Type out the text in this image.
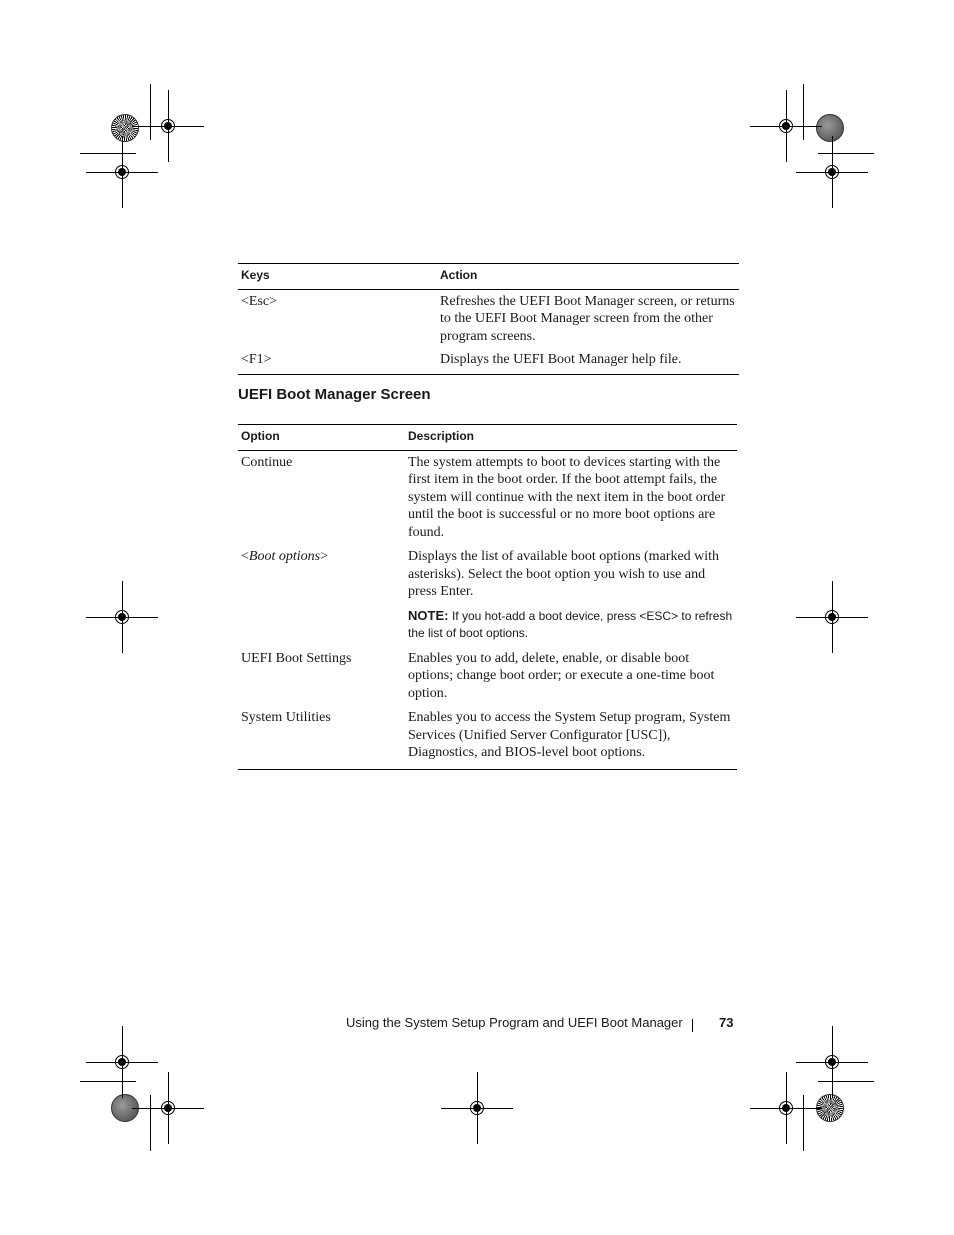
Keys	Action
<Esc>	Refreshes the UEFI Boot Manager screen, or returns to the UEFI Boot Manager screen from the other program screens.
<F1>	Displays the UEFI Boot Manager help file.
UEFI Boot Manager Screen
Option	Description
Continue	The system attempts to boot to devices starting with the first item in the boot order. If the boot attempt fails, the system will continue with the next item in the boot order until the boot is successful or no more boot options are found.
<Boot options>	Displays the list of available boot options (marked with asterisks). Select the boot option you wish to use and press Enter.
NOTE: If you hot-add a boot device, press <ESC> to refresh the list of boot options.

UEFI Boot Settings	Enables you to add, delete, enable, or disable boot options; change boot order; or execute a one-time boot option.
System Utilities	Enables you to access the System Setup program, System Services (Unified Server Configurator [USC]), Diagnostics, and BIOS-level boot options.
Using the System Setup Program and UEFI Boot Manager	73
